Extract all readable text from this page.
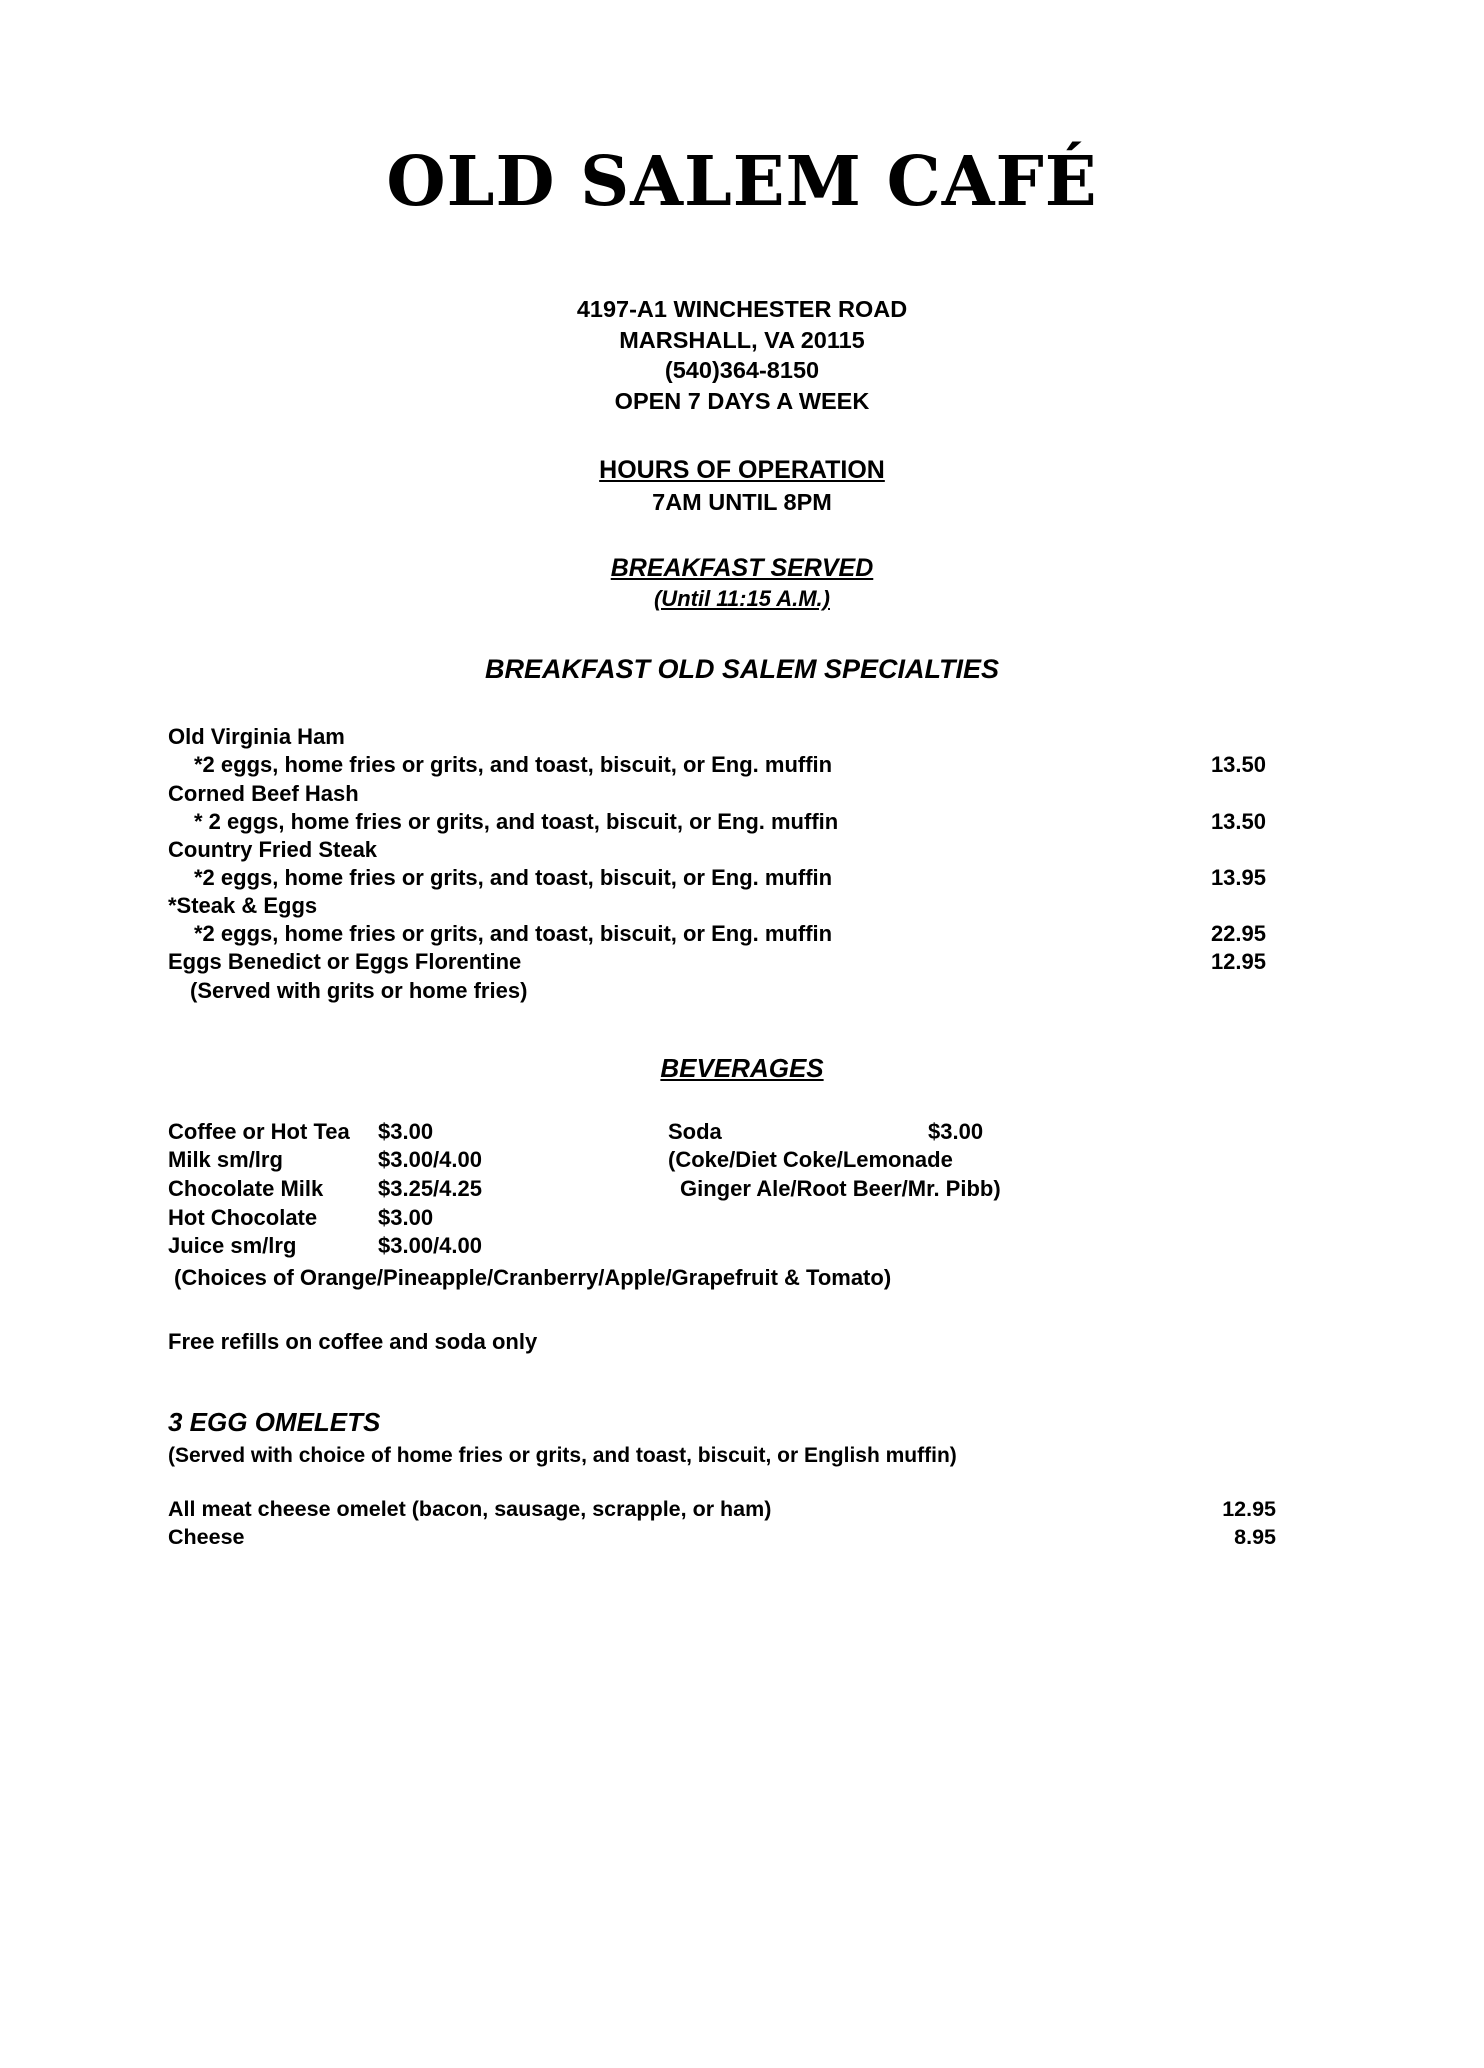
OLD SALEM CAFÉ
4197-A1 WINCHESTER ROAD
MARSHALL, VA 20115
(540)364-8150
OPEN 7 DAYS A WEEK
HOURS OF OPERATION
7AM UNTIL 8PM
BREAKFAST SERVED
(Until 11:15 A.M.)
BREAKFAST OLD SALEM SPECIALTIES
Old Virginia Ham
*2 eggs, home fries or grits, and toast, biscuit, or Eng. muffin	13.50
Corned Beef Hash
* 2 eggs, home fries or grits, and toast, biscuit, or Eng. muffin	13.50
Country Fried Steak
*2 eggs, home fries or grits, and toast, biscuit, or Eng. muffin	13.95
*Steak & Eggs
*2 eggs, home fries or grits, and toast, biscuit, or Eng. muffin	22.95
Eggs Benedict or Eggs Florentine	12.95
(Served with grits or home fries)
BEVERAGES
Coffee or Hot Tea	$3.00
Milk sm/lrg	$3.00/4.00
Chocolate Milk	$3.25/4.25
Hot Chocolate	$3.00
Juice sm/lrg	$3.00/4.00
Soda	$3.00
(Coke/Diet Coke/Lemonade
Ginger Ale/Root Beer/Mr. Pibb)
(Choices of Orange/Pineapple/Cranberry/Apple/Grapefruit & Tomato)
Free refills on coffee and soda only
3 EGG OMELETS
(Served with choice of home fries or grits, and toast, biscuit, or English muffin)
All meat cheese omelet (bacon, sausage, scrapple, or ham)	12.95
Cheese	8.95
